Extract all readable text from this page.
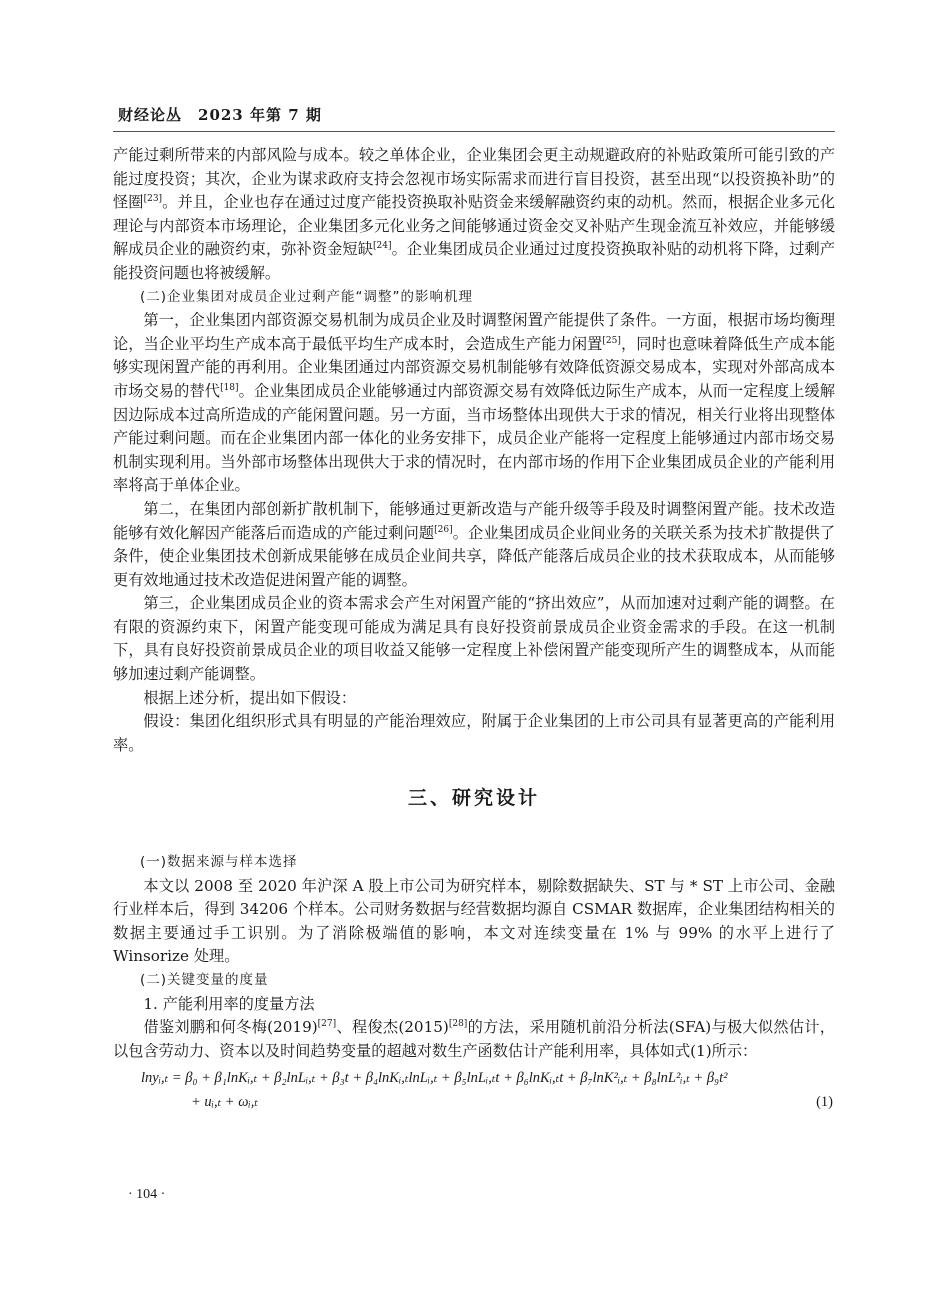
财经论丛　2023 年第 7 期

产能过剩所带来的内部风险与成本。较之单体企业，企业集团会更主动规避政府的补贴政策所可能引致的产能过度投资；其次，企业为谋求政府支持会忽视市场实际需求而进行盲目投资，甚至出现“以投资换补助”的怪圈[23]。并且，企业也存在通过过度产能投资换取补贴资金来缓解融资约束的动机。然而，根据企业多元化理论与内部资本市场理论，企业集团多元化业务之间能够通过资金交叉补贴产生现金流互补效应，并能够缓解成员企业的融资约束，弥补资金短缺[24]。企业集团成员企业通过过度投资换取补贴的动机将下降，过剩产能投资问题也将被缓解。

(二)企业集团对成员企业过剩产能“调整”的影响机理

第一，企业集团内部资源交易机制为成员企业及时调整闲置产能提供了条件。一方面，根据市场均衡理论，当企业平均生产成本高于最低平均生产成本时，会造成生产能力闲置[25]，同时也意味着降低生产成本能够实现闲置产能的再利用。企业集团通过内部资源交易机制能够有效降低资源交易成本，实现对外部高成本市场交易的替代[18]。企业集团成员企业能够通过内部资源交易有效降低边际生产成本，从而一定程度上缓解因边际成本过高所造成的产能闲置问题。另一方面，当市场整体出现供大于求的情况，相关行业将出现整体产能过剩问题。而在企业集团内部一体化的业务安排下，成员企业产能将一定程度上能够通过内部市场交易机制实现利用。当外部市场整体出现供大于求的情况时，在内部市场的作用下企业集团成员企业的产能利用率将高于单体企业。

第二，在集团内部创新扩散机制下，能够通过更新改造与产能升级等手段及时调整闲置产能。技术改造能够有效化解因产能落后而造成的产能过剩问题[26]。企业集团成员企业间业务的关联关系为技术扩散提供了条件，使企业集团技术创新成果能够在成员企业间共享，降低产能落后成员企业的技术获取成本，从而能够更有效地通过技术改造促进闲置产能的调整。

第三，企业集团成员企业的资本需求会产生对闲置产能的“挤出效应”，从而加速对过剩产能的调整。在有限的资源约束下，闲置产能变现可能成为满足具有良好投资前景成员企业资金需求的手段。在这一机制下，具有良好投资前景成员企业的项目收益又能够一定程度上补偿闲置产能变现所产生的调整成本，从而能够加速过剩产能调整。

根据上述分析，提出如下假设：

假设：集团化组织形式具有明显的产能治理效应，附属于企业集团的上市公司具有显著更高的产能利用率。

三、研究设计

(一)数据来源与样本选择

本文以 2008 至 2020 年沪深 A 股上市公司为研究样本，剔除数据缺失、ST 与 * ST 上市公司、金融行业样本后，得到 34206 个样本。公司财务数据与经营数据均源自 CSMAR 数据库，企业集团结构相关的数据主要通过手工识别。为了消除极端值的影响，本文对连续变量在 1% 与 99% 的水平上进行了 Winsorize 处理。

(二)关键变量的度量

1. 产能利用率的度量方法

借鉴刘鹏和何冬梅(2019)[27]、程俊杰(2015)[28]的方法，采用随机前沿分析法(SFA)与极大似然估计，以包含劳动力、资本以及时间趋势变量的超越对数生产函数估计产能利用率，具体如式(1)所示：

lnyᵢ,ₜ = β₀ + β₁lnKᵢ,ₜ + β₂lnLᵢ,ₜ + β₃t + β₄lnKᵢ,ₜlnLᵢ,ₜ + β₅lnLᵢ,ₜt + β₆lnKᵢ,ₜt + β₇lnK²ᵢ,ₜ + β₈lnL²ᵢ,ₜ + β₉t²
+ uᵢ,ₜ + ωᵢ,ₜ	(1)
· 104 ·
